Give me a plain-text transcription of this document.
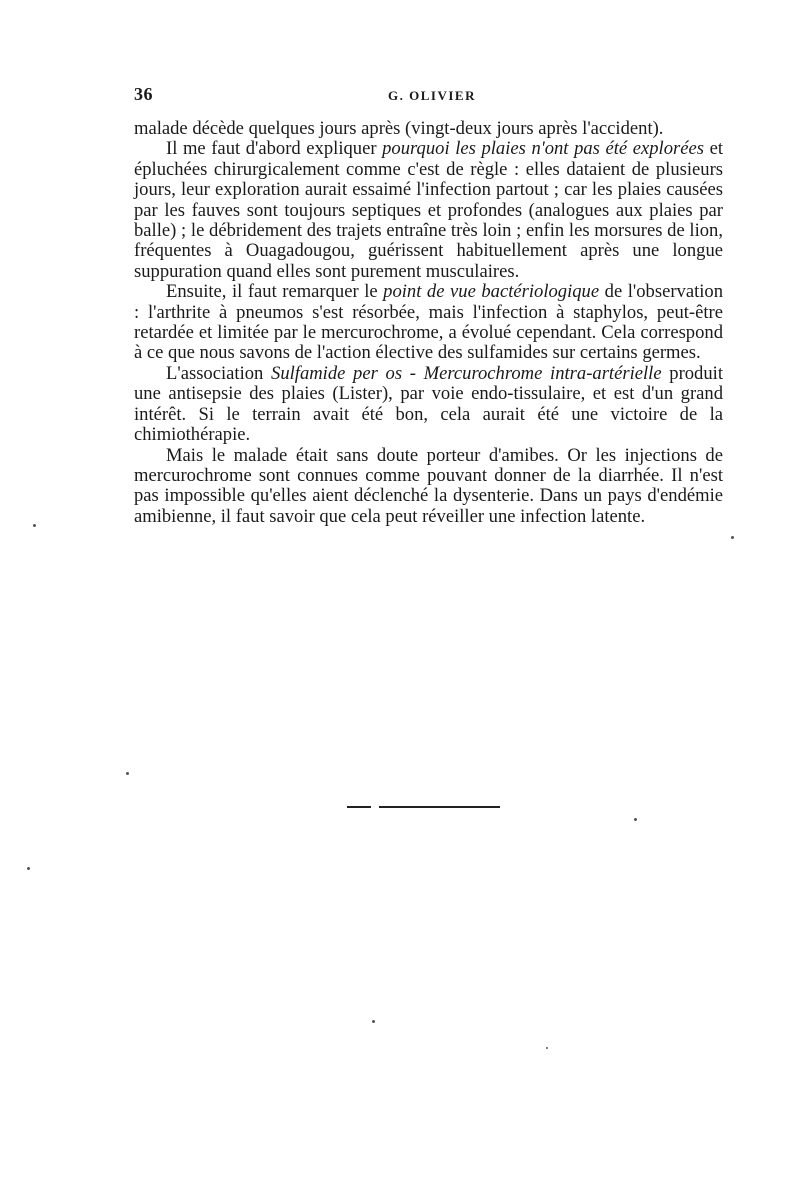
36	G. OLIVIER

malade décède quelques jours après (vingt-deux jours après l'accident).

Il me faut d'abord expliquer pourquoi les plaies n'ont pas été explorées et épluchées chirurgicalement comme c'est de règle : elles dataient de plusieurs jours, leur exploration aurait essaimé l'infection partout ; car les plaies causées par les fauves sont toujours septiques et profondes (analogues aux plaies par balle) ; le débridement des trajets entraîne très loin ; enfin les morsures de lion, fréquentes à Ouagadougou, guérissent habituellement après une longue suppuration quand elles sont purement musculaires.

Ensuite, il faut remarquer le point de vue bactériologique de l'observation : l'arthrite à pneumos s'est résorbée, mais l'infection à staphylos, peut-être retardée et limitée par le mercurochrome, a évolué cependant. Cela correspond à ce que nous savons de l'action élective des sulfamides sur certains germes.

L'association Sulfamide per os - Mercurochrome intra-artérielle produit une antisepsie des plaies (Lister), par voie endo-tissulaire, et est d'un grand intérêt. Si le terrain avait été bon, cela aurait été une victoire de la chimiothérapie.

Mais le malade était sans doute porteur d'amibes. Or les injections de mercurochrome sont connues comme pouvant donner de la diarrhée. Il n'est pas impossible qu'elles aient déclenché la dysenterie. Dans un pays d'endémie amibienne, il faut savoir que cela peut réveiller une infection latente.
